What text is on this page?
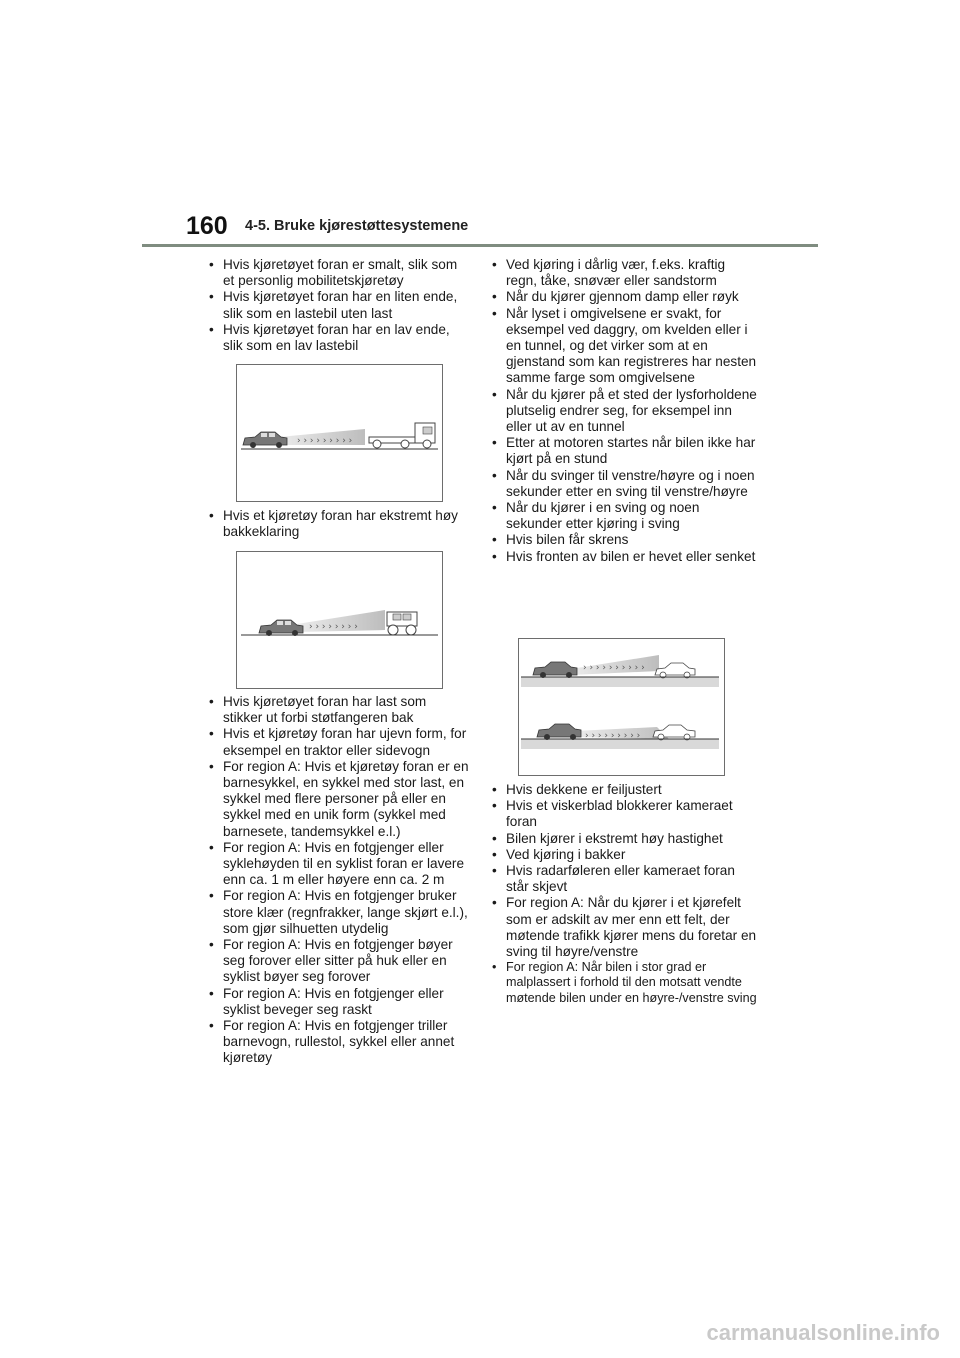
160 4-5. Bruke kjørestøttesystemene
• Hvis kjøretøyet foran er smalt, slik som et personlig mobilitetskjøretøy
• Hvis kjøretøyet foran har en liten ende, slik som en lastebil uten last
• Hvis kjøretøyet foran har en lav ende, slik som en lav lastebil
› › › › › › › › ›
• Hvis et kjøretøy foran har ekstremt høy bakkeklaring
› › › › › › › ›
• Hvis kjøretøyet foran har last som stikker ut forbi støtfangeren bak
• Hvis et kjøretøy foran har ujevn form, for eksempel en traktor eller sidevogn
• For region A: Hvis et kjøretøy foran er en barnesykkel, en sykkel med stor last, en sykkel med flere personer på eller en sykkel med en unik form (sykkel med barnesete, tandemsykkel e.l.)
• For region A: Hvis en fotgjenger eller syklehøyden til en syklist foran er lavere enn ca. 1 m eller høyere enn ca. 2 m
• For region A: Hvis en fotgjenger bruker store klær (regnfrakker, lange skjørt e.l.), som gjør silhuetten utydelig
• For region A: Hvis en fotgjenger bøyer seg forover eller sitter på huk eller en syklist bøyer seg forover
• For region A: Hvis en fotgjenger eller syklist beveger seg raskt
• For region A: Hvis en fotgjenger triller barnevogn, rullestol, sykkel eller annet kjøretøy
• Ved kjøring i dårlig vær, f.eks. kraftig regn, tåke, snøvær eller sandstorm
• Når du kjører gjennom damp eller røyk
• Når lyset i omgivelsene er svakt, for eksempel ved daggry, om kvelden eller i en tunnel, og det virker som at en gjenstand som kan registreres har nesten samme farge som omgivelsene
• Når du kjører på et sted der lysforholdene plutselig endrer seg, for eksempel inn eller ut av en tunnel
• Etter at motoren startes når bilen ikke har kjørt på en stund
• Når du svinger til venstre/høyre og i noen sekunder etter en sving til venstre/høyre
• Når du kjører i en sving og noen sekunder etter kjøring i sving
• Hvis bilen får skrens
• Hvis fronten av bilen er hevet eller senket
› › › › › › › › › ›
› › › › › › › › ›
• Hvis dekkene er feiljustert
• Hvis et viskerblad blokkerer kameraet foran
• Bilen kjører i ekstremt høy hastighet
• Ved kjøring i bakker
• Hvis radarføleren eller kameraet foran står skjevt
• For region A: Når du kjører i et kjørefelt som er adskilt av mer enn ett felt, der møtende trafikk kjører mens du foretar en sving til høyre/venstre
• For region A: Når bilen i stor grad er malplassert i forhold til den motsatt vendte møtende bilen under en høyre-/venstre sving
carmanualsonline.info
